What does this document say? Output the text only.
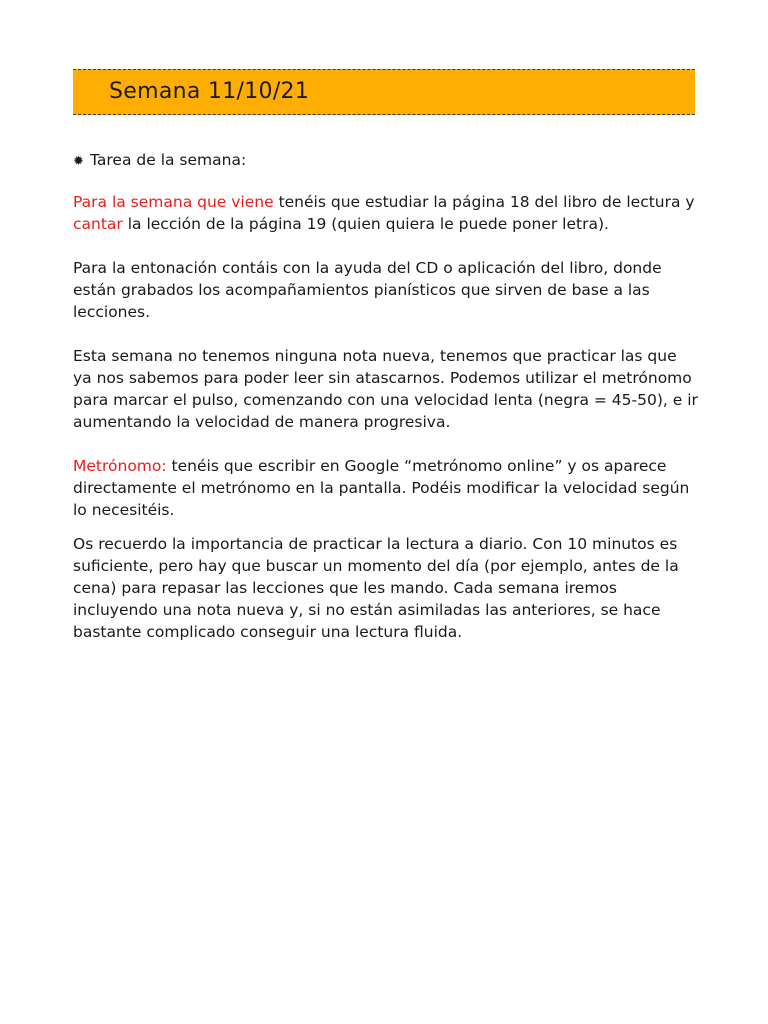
Semana 11/10/21
✹ Tarea de la semana:

Para la semana que viene tenéis que estudiar la página 18 del libro de lectura y cantar la lección de la página 19 (quien quiera le puede poner letra).

Para la entonación contáis con la ayuda del CD o aplicación del libro, donde están grabados los acompañamientos pianísticos que sirven de base a las lecciones.

Esta semana no tenemos ninguna nota nueva, tenemos que practicar las que ya nos sabemos para poder leer sin atascarnos. Podemos utilizar el metrónomo para marcar el pulso, comenzando con una velocidad lenta (negra = 45-50), e ir aumentando la velocidad de manera progresiva.

Metrónomo: tenéis que escribir en Google “metrónomo online” y os aparece directamente el metrónomo en la pantalla. Podéis modificar la velocidad según lo necesitéis.

Os recuerdo la importancia de practicar la lectura a diario. Con 10 minutos es suficiente, pero hay que buscar un momento del día (por ejemplo, antes de la cena) para repasar las lecciones que les mando. Cada semana iremos incluyendo una nota nueva y, si no están asimiladas las anteriores, se hace bastante complicado conseguir una lectura fluida.
